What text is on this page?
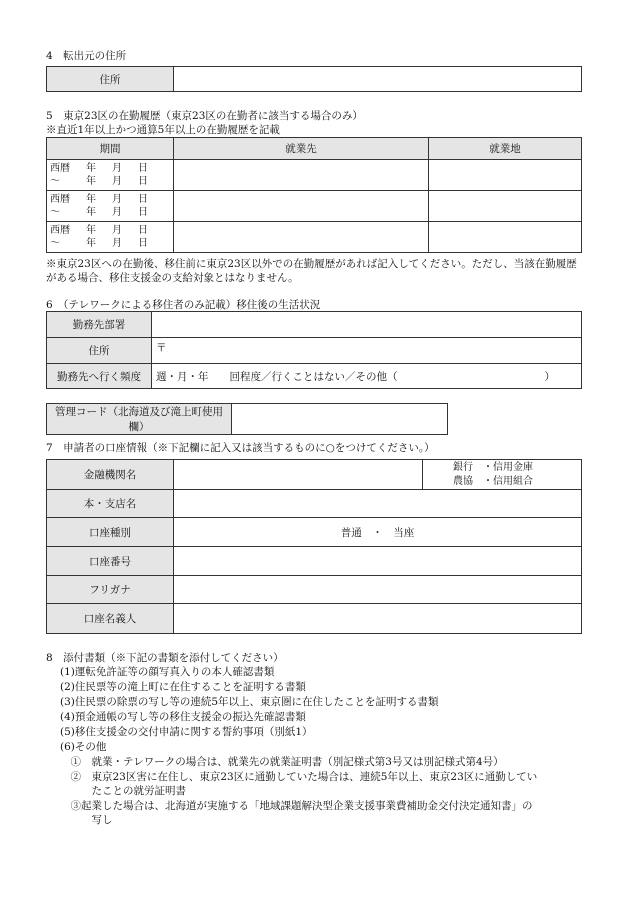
4　転出元の住所
住所	
5　東京23区の在勤履歴（東京23区の在勤者に該当する場合のみ）
※直近1年以上かつ通算5年以上の在勤履歴を記載
期間	就業先	就業地

西暦 年 月 日
～ 年 月 日		

西暦 年 月 日
～ 年 月 日		

西暦 年 月 日
～ 年 月 日		

※東京23区への在勤後、移住前に東京23区以外での在勤履歴があれば記入してください。ただし、当該在勤履歴がある場合、移住支援金の支給対象とはなりません。
6　（テレワークによる移住者のみ記載）移住後の生活状況
勤務先部署	
住所	〒
勤務先へ行く頻度	週・月・年　　回程度／行くことはない／その他（　　　　　　　　　　　　　　）
管理コード（北海道及び滝上町使用欄）	
7　申請者の口座情報（※下記欄に記入又は該当するものに○をつけてください。）
金融機関名		銀行　・信用金庫
農協　・信用組合

本・支店名		
口座種別	普通　・　当座	
口座番号		
フリガナ		
口座名義人		
8　添付書類（※下記の書類を添付してください）
(1)運転免許証等の顔写真入りの本人確認書類
(2)住民票等の滝上町に在住することを証明する書類
(3)住民票の除票の写し等の連続5年以上、東京圏に在住したことを証明する書類
(4)預金通帳の写し等の移住支援金の振込先確認書類
(5)移住支援金の交付申請に関する誓約事項（別紙1）
(6)その他
　①　就業・テレワークの場合は、就業先の就業証明書（別記様式第3号又は別記様式第4号）
　②　東京23区害に在住し、東京23区に通勤していた場合は、連続5年以上、東京23区に通勤してい
　　　たことの就労証明書
　③起業した場合は、北海道が実施する「地域課題解決型企業支援事業費補助金交付決定通知書」の
　　　写し
